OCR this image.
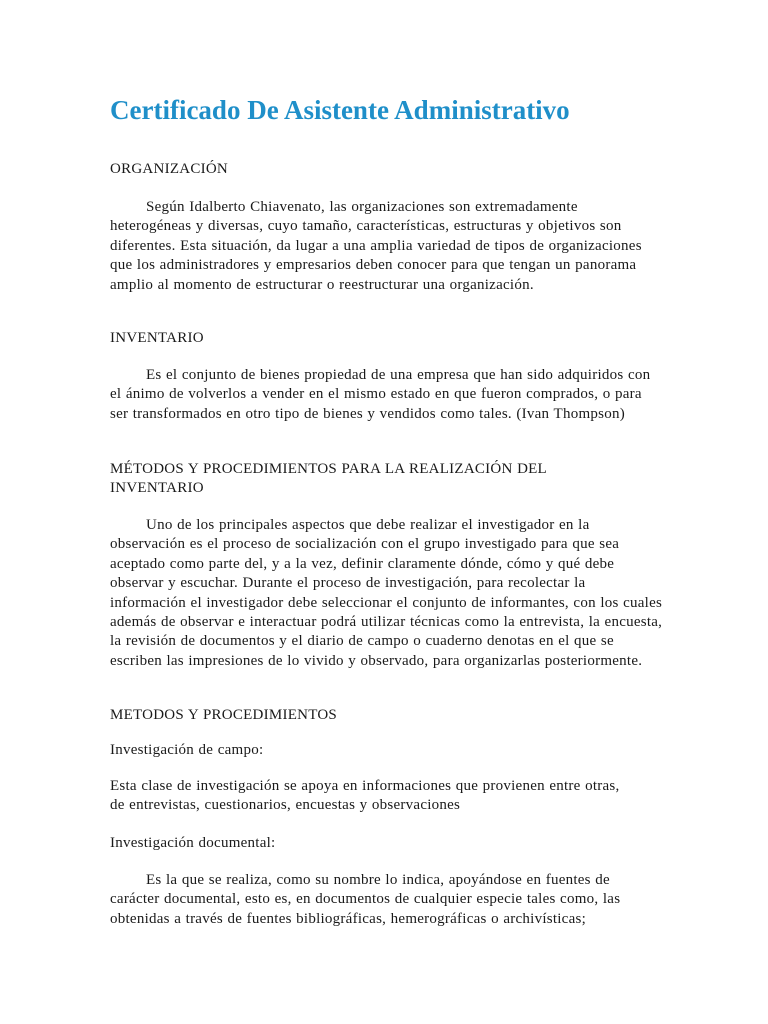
Certificado De Asistente Administrativo

ORGANIZACIÓN

Según Idalberto Chiavenato, las organizaciones son extremadamente heterogéneas y diversas, cuyo tamaño, características, estructuras y objetivos son diferentes. Esta situación, da lugar a una amplia variedad de tipos de organizaciones que los administradores y empresarios deben conocer para que tengan un panorama amplio al momento de estructurar o reestructurar una organización.

INVENTARIO

Es el conjunto de bienes propiedad de una empresa que han sido adquiridos con el ánimo de volverlos a vender en el mismo estado en que fueron comprados, o para ser transformados en otro tipo de bienes y vendidos como tales. (Ivan Thompson)

MÉTODOS Y PROCEDIMIENTOS PARA LA REALIZACIÓN DEL INVENTARIO

Uno de los principales aspectos que debe realizar el investigador en la observación es el proceso de socialización con el grupo investigado para que sea aceptado como parte del, y a la vez, definir claramente dónde, cómo y qué debe observar y escuchar. Durante el proceso de investigación, para recolectar la información el investigador debe seleccionar el conjunto de informantes, con los cuales además de observar e interactuar podrá utilizar técnicas como la entrevista, la encuesta, la revisión de documentos y el diario de campo o cuaderno denotas en el que se escriben las impresiones de lo vivido y observado, para organizarlas posteriormente.

METODOS Y PROCEDIMIENTOS

Investigación de campo:

Esta clase de investigación se apoya en informaciones que provienen entre otras, de entrevistas, cuestionarios, encuestas y observaciones

Investigación documental:

Es la que se realiza, como su nombre lo indica, apoyándose en fuentes de carácter documental, esto es, en documentos de cualquier especie tales como, las obtenidas a través de fuentes bibliográficas, hemerográficas o archivísticas;
